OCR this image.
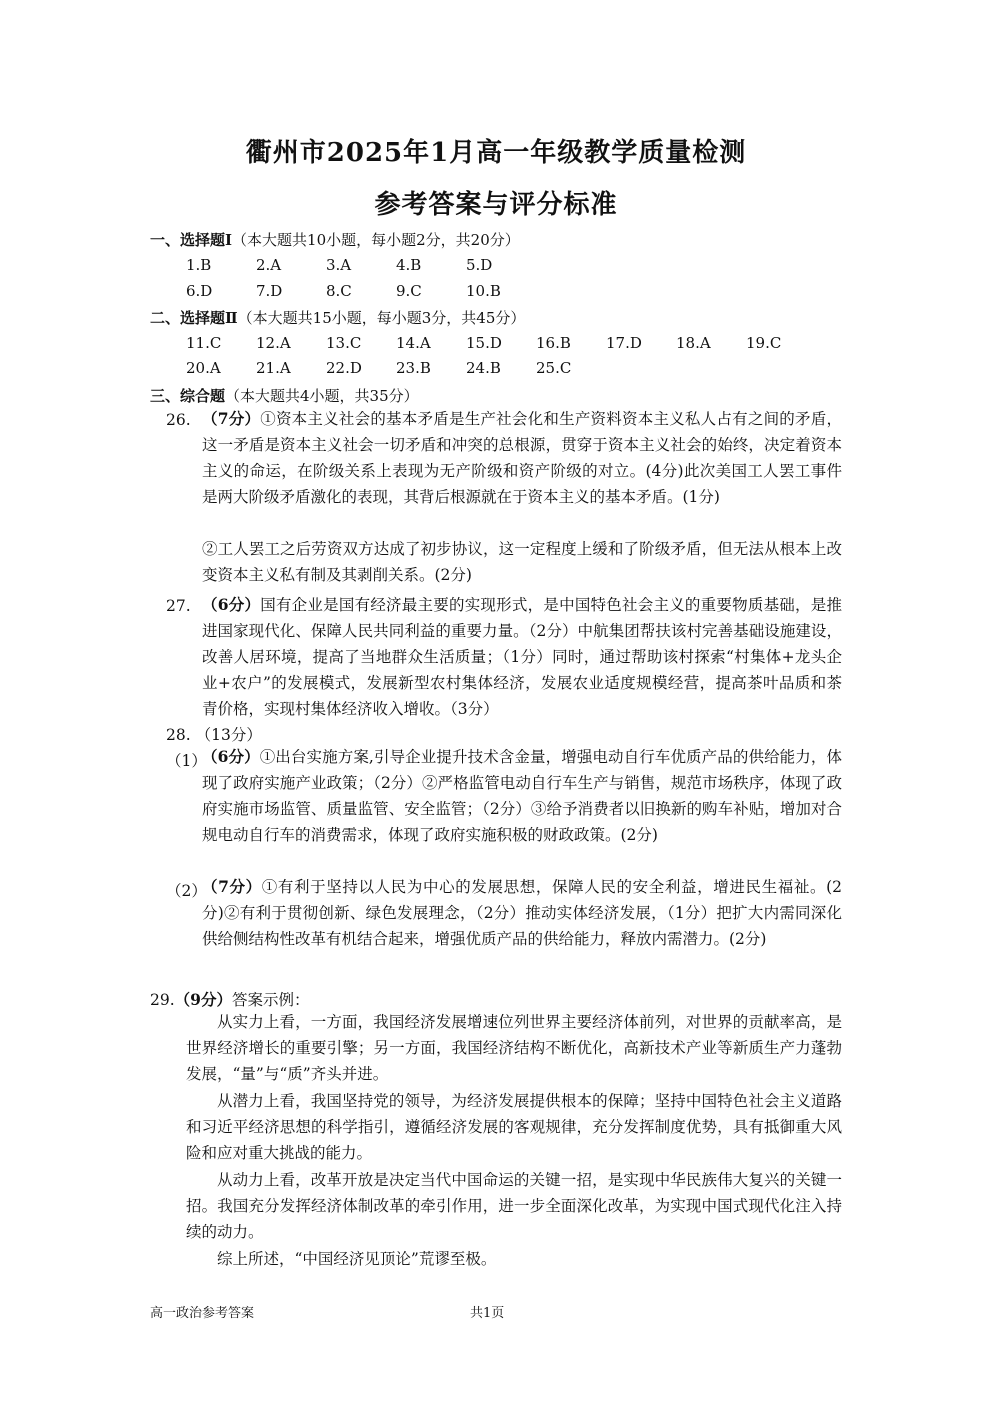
衢州市2025年1月高一年级教学质量检测
参考答案与评分标准
一、选择题Ⅰ（本大题共10小题，每小题2分，共20分）
1.B	2.A	3.A	4.B	5.D
6.D	7.D	8.C	9.C	10.B
二、选择题Ⅱ（本大题共15小题，每小题3分，共45分）
11.C 12.A 13.C 14.A 15.D 16.B 17.D 18.A 19.C
20.A 21.A 22.D 23.B 24.B 25.C
三、综合题（本大题共4小题，共35分）
26. （7分）①资本主义社会的基本矛盾是生产社会化和生产资料资本主义私人占有之间的矛盾，这一矛盾是资本主义社会一切矛盾和冲突的总根源，贯穿于资本主义社会的始终，决定着资本主义的命运，在阶级关系上表现为无产阶级和资产阶级的对立。(4分)此次美国工人罢工事件是两大阶级矛盾激化的表现，其背后根源就在于资本主义的基本矛盾。(1分)
②工人罢工之后劳资双方达成了初步协议，这一定程度上缓和了阶级矛盾，但无法从根本上改变资本主义私有制及其剥削关系。(2分)
27. （6分）国有企业是国有经济最主要的实现形式，是中国特色社会主义的重要物质基础，是推进国家现代化、保障人民共同利益的重要力量。（2分）中航集团帮扶该村完善基础设施建设，改善人居环境，提高了当地群众生活质量；（1分）同时，通过帮助该村探索“村集体+龙头企业+农户”的发展模式，发展新型农村集体经济，发展农业适度规模经营，提高茶叶品质和茶青价格，实现村集体经济收入增收。（3分）
28. （13分）
（1）
（6分）①出台实施方案,引导企业提升技术含金量，增强电动自行车优质产品的供给能力，体现了政府实施产业政策；（2分）②严格监管电动自行车生产与销售，规范市场秩序，体现了政府实施市场监管、质量监管、安全监管；（2分）③给予消费者以旧换新的购车补贴，增加对合规电动自行车的消费需求，体现了政府实施积极的财政政策。(2分)
（2）
（7分）①有利于坚持以人民为中心的发展思想，保障人民的安全利益，增进民生福祉。(2分)②有利于贯彻创新、绿色发展理念，（2分）推动实体经济发展，（1分）把扩大内需同深化供给侧结构性改革有机结合起来，增强优质产品的供给能力，释放内需潜力。(2分)
29.（9分）答案示例：
从实力上看，一方面，我国经济发展增速位列世界主要经济体前列，对世界的贡献率高，是世界经济增长的重要引擎；另一方面，我国经济结构不断优化，高新技术产业等新质生产力蓬勃发展，“量”与“质”齐头并进。
从潜力上看，我国坚持党的领导，为经济发展提供根本的保障；坚持中国特色社会主义道路和习近平经济思想的科学指引，遵循经济发展的客观规律，充分发挥制度优势，具有抵御重大风险和应对重大挑战的能力。
从动力上看，改革开放是决定当代中国命运的关键一招，是实现中华民族伟大复兴的关键一招。我国充分发挥经济体制改革的牵引作用，进一步全面深化改革，为实现中国式现代化注入持续的动力。
综上所述，“中国经济见顶论”荒谬至极。
高一政治参考答案	共1页
